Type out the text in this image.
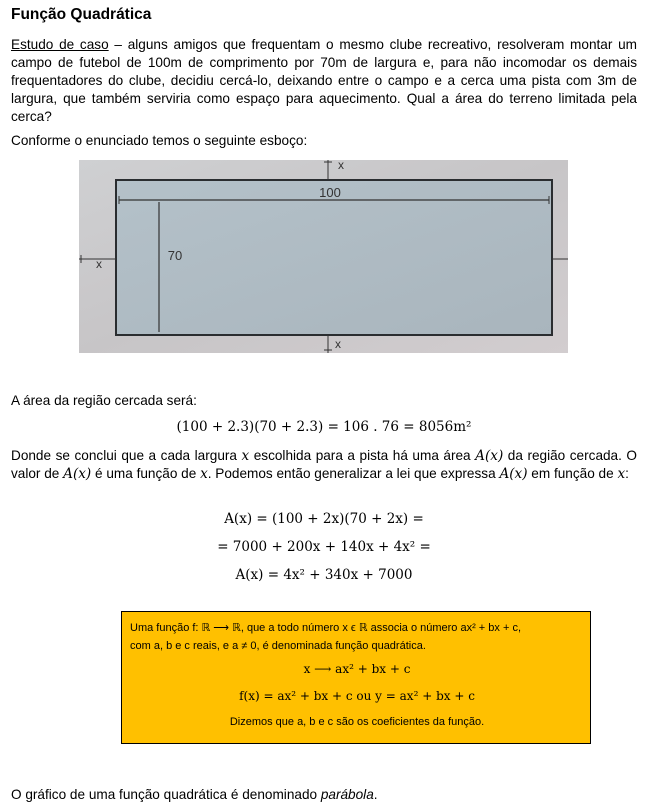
Função Quadrática
Estudo de caso – alguns amigos que frequentam o mesmo clube recreativo, resolveram montar um campo de futebol de 100m de comprimento por 70m de largura e, para não incomodar os demais frequentadores do clube, decidiu cercá-lo, deixando entre o campo e a cerca uma pista com 3m de largura, que também serviria como espaço para aquecimento. Qual a área do terreno limitada pela cerca?
Conforme o enunciado temos o seguinte esboço:
100
70
x
x
x
A área da região cercada será:
(100 + 2.3)(70 + 2.3) = 106 . 76 = 8056m²
Donde se conclui que a cada largura x escolhida para a pista há uma área A(x) da região cercada. O valor de A(x) é uma função de x. Podemos então generalizar a lei que expressa A(x) em função de x:
A(x) = (100 + 2x)(70 + 2x) =
= 7000 + 200x + 140x + 4x² =
A(x) = 4x² + 340x + 7000
Uma função f: ℝ ⟶ ℝ, que a todo número x ϵ ℝ associa o número ax² + bx + c,
com a, b e c reais, e a ≠ 0, é denominada função quadrática.
x ⟶ ax² + bx + c
f(x) = ax² + bx + c ou y = ax² + bx + c
Dizemos que a, b e c são os coeficientes da função.
O gráfico de uma função quadrática é denominado parábola.
